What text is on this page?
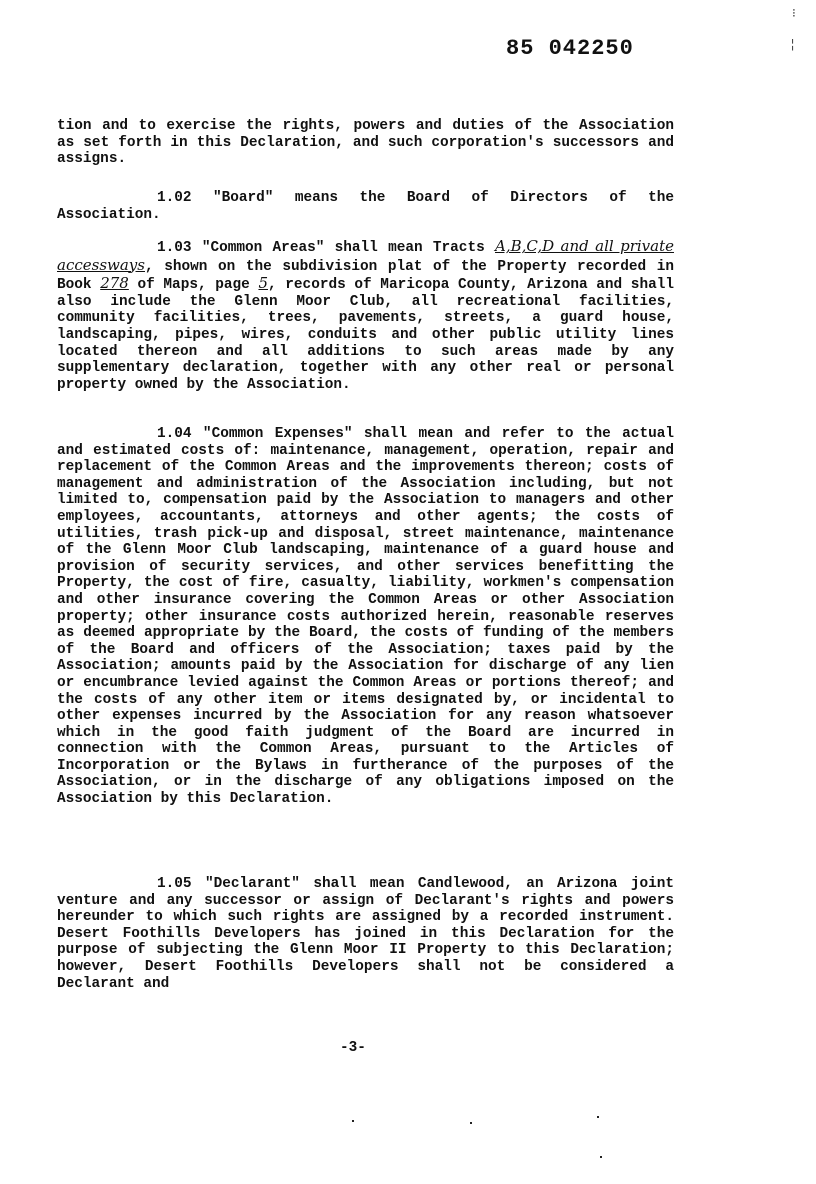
85 042250
⁝
¦

tion and to exercise the rights, powers and duties of the Association as set forth in this Declaration, and such corporation's successors and assigns.

1.02 "Board" means the Board of Directors of the Association.

1.03 "Common Areas" shall mean Tracts A,B,C,D and all private accessways, shown on the subdivision plat of the Property recorded in Book 278 of Maps, page 5, records of Maricopa County, Arizona and shall also include the Glenn Moor Club, all recreational facilities, community facilities, trees, pavements, streets, a guard house, landscaping, pipes, wires, conduits and other public utility lines located thereon and all additions to such areas made by any supplementary declaration, together with any other real or personal property owned by the Association.

1.04 "Common Expenses" shall mean and refer to the actual and estimated costs of: maintenance, management, operation, repair and replacement of the Common Areas and the improvements thereon; costs of management and administration of the Association including, but not limited to, compensation paid by the Association to managers and other employees, accountants, attorneys and other agents; the costs of utilities, trash pick-up and disposal, street maintenance, maintenance of the Glenn Moor Club landscaping, maintenance of a guard house and provision of security services, and other services benefitting the Property, the cost of fire, casualty, liability, workmen's compensation and other insurance covering the Common Areas or other Association property; other insurance costs authorized herein, reasonable reserves as deemed appropriate by the Board, the costs of funding of the members of the Board and officers of the Association; taxes paid by the Association; amounts paid by the Association for discharge of any lien or encumbrance levied against the Common Areas or portions thereof; and the costs of any other item or items designated by, or incidental to other expenses incurred by the Association for any reason whatsoever which in the good faith judgment of the Board are incurred in connection with the Common Areas, pursuant to the Articles of Incorporation or the Bylaws in furtherance of the purposes of the Association, or in the discharge of any obligations imposed on the Association by this Declaration.

1.05 "Declarant" shall mean Candlewood, an Arizona joint venture and any successor or assign of Declarant's rights and powers hereunder to which such rights are assigned by a recorded instrument. Desert Foothills Developers has joined in this Declaration for the purpose of subjecting the Glenn Moor II Property to this Declaration; however, Desert Foothills Developers shall not be considered a Declarant and

-3-
